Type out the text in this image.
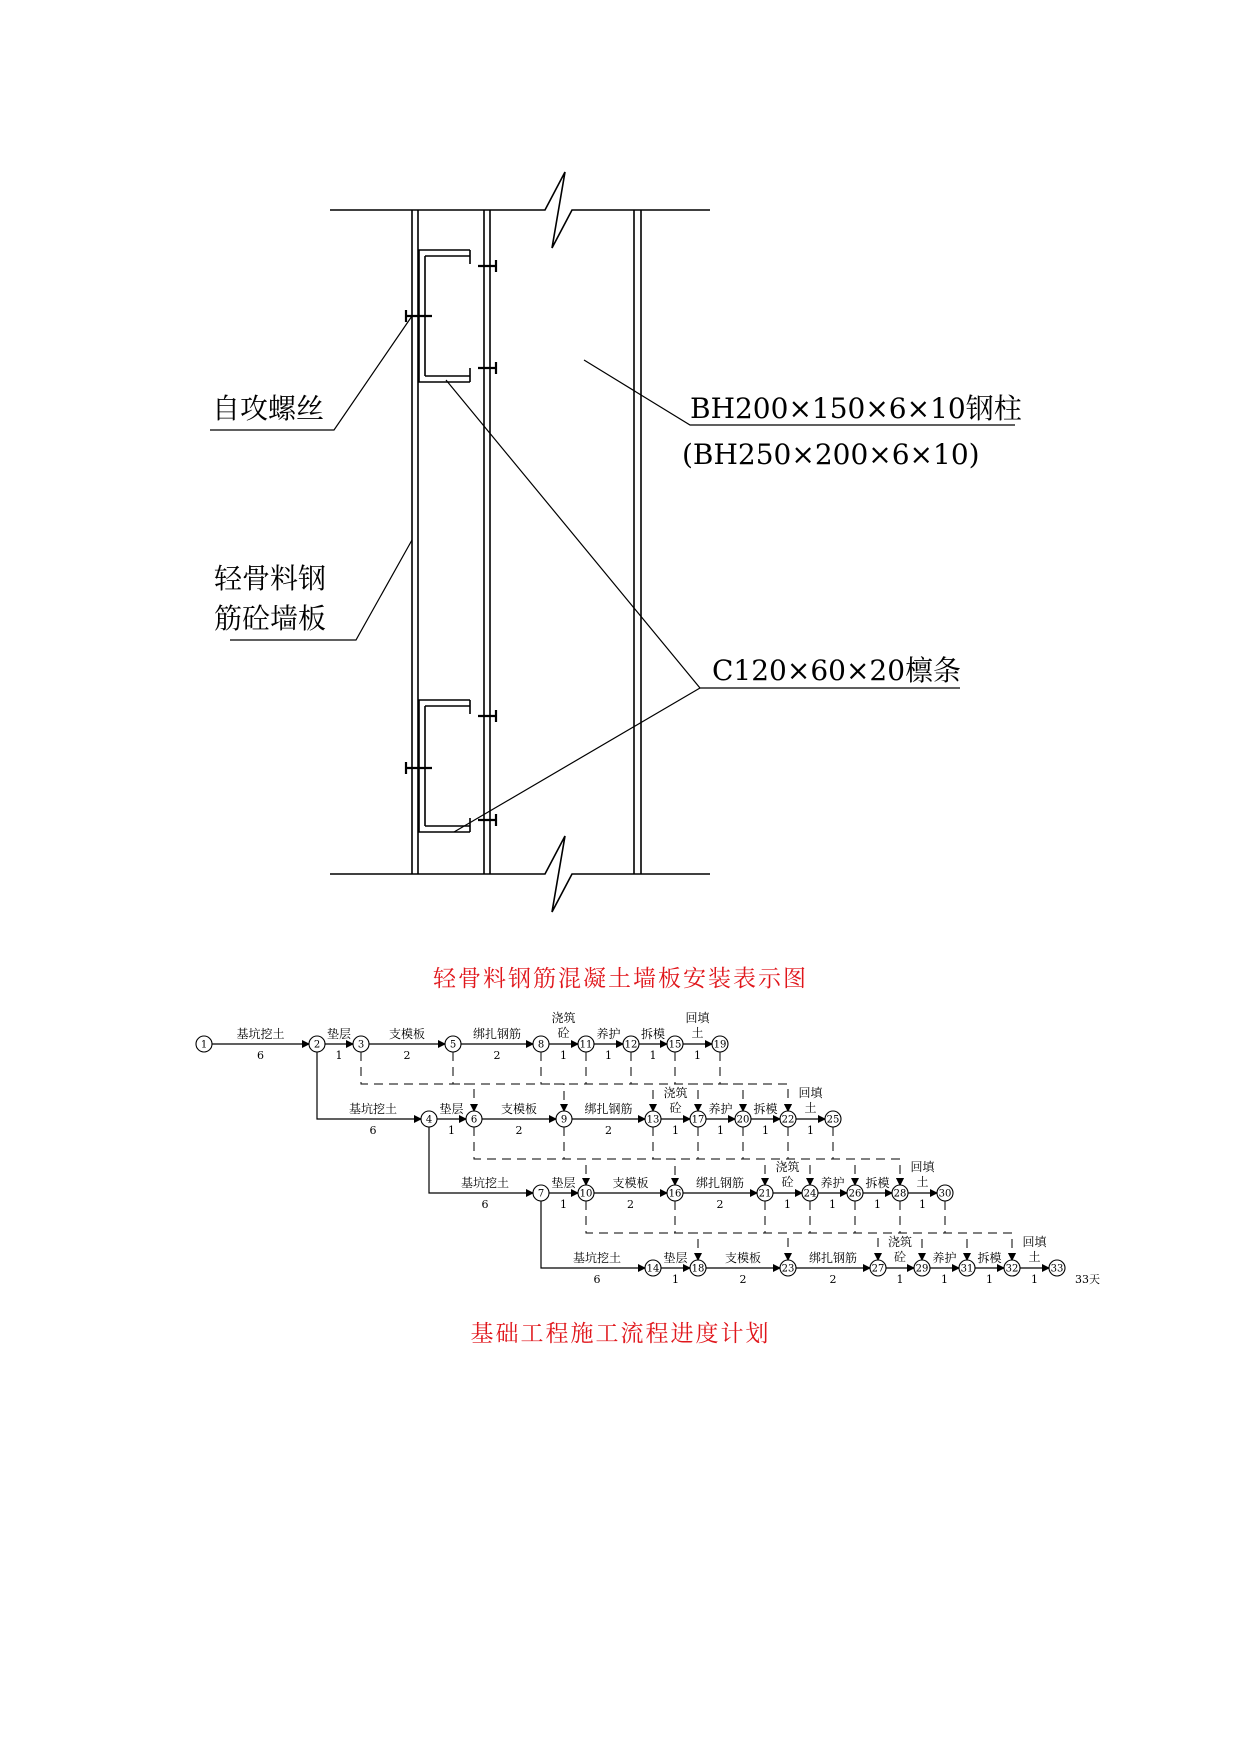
自攻螺丝
轻骨料钢
筋砼墙板
BH200×150×6×10钢柱
(BH250×200×6×10)
C120×60×20檩条
轻骨料钢筋混凝土墙板安装表示图
基坑挖土
6
垫层
1
支模板
2
绑扎钢筋
2
浇筑
砼
1
养护
1
拆模
1
回填
土
1
基坑挖土
6
垫层
1
支模板
2
绑扎钢筋
2
浇筑
砼
1
养护
1
拆模
1
回填
土
1
基坑挖土
6
垫层
1
支模板
2
绑扎钢筋
2
浇筑
砼
1
养护
1
拆模
1
回填
土
1
基坑挖土
6
垫层
1
支模板
2
绑扎钢筋
2
浇筑
砼
1
养护
1
拆模
1
回填
土
1
1	2	3
4
5
6
7
8
9
10
11	12
13
14
15
16
17
18
19
20
21
22
23
24
25
26
27
28
29
30
31	32	33
33天
基础工程施工流程进度计划
